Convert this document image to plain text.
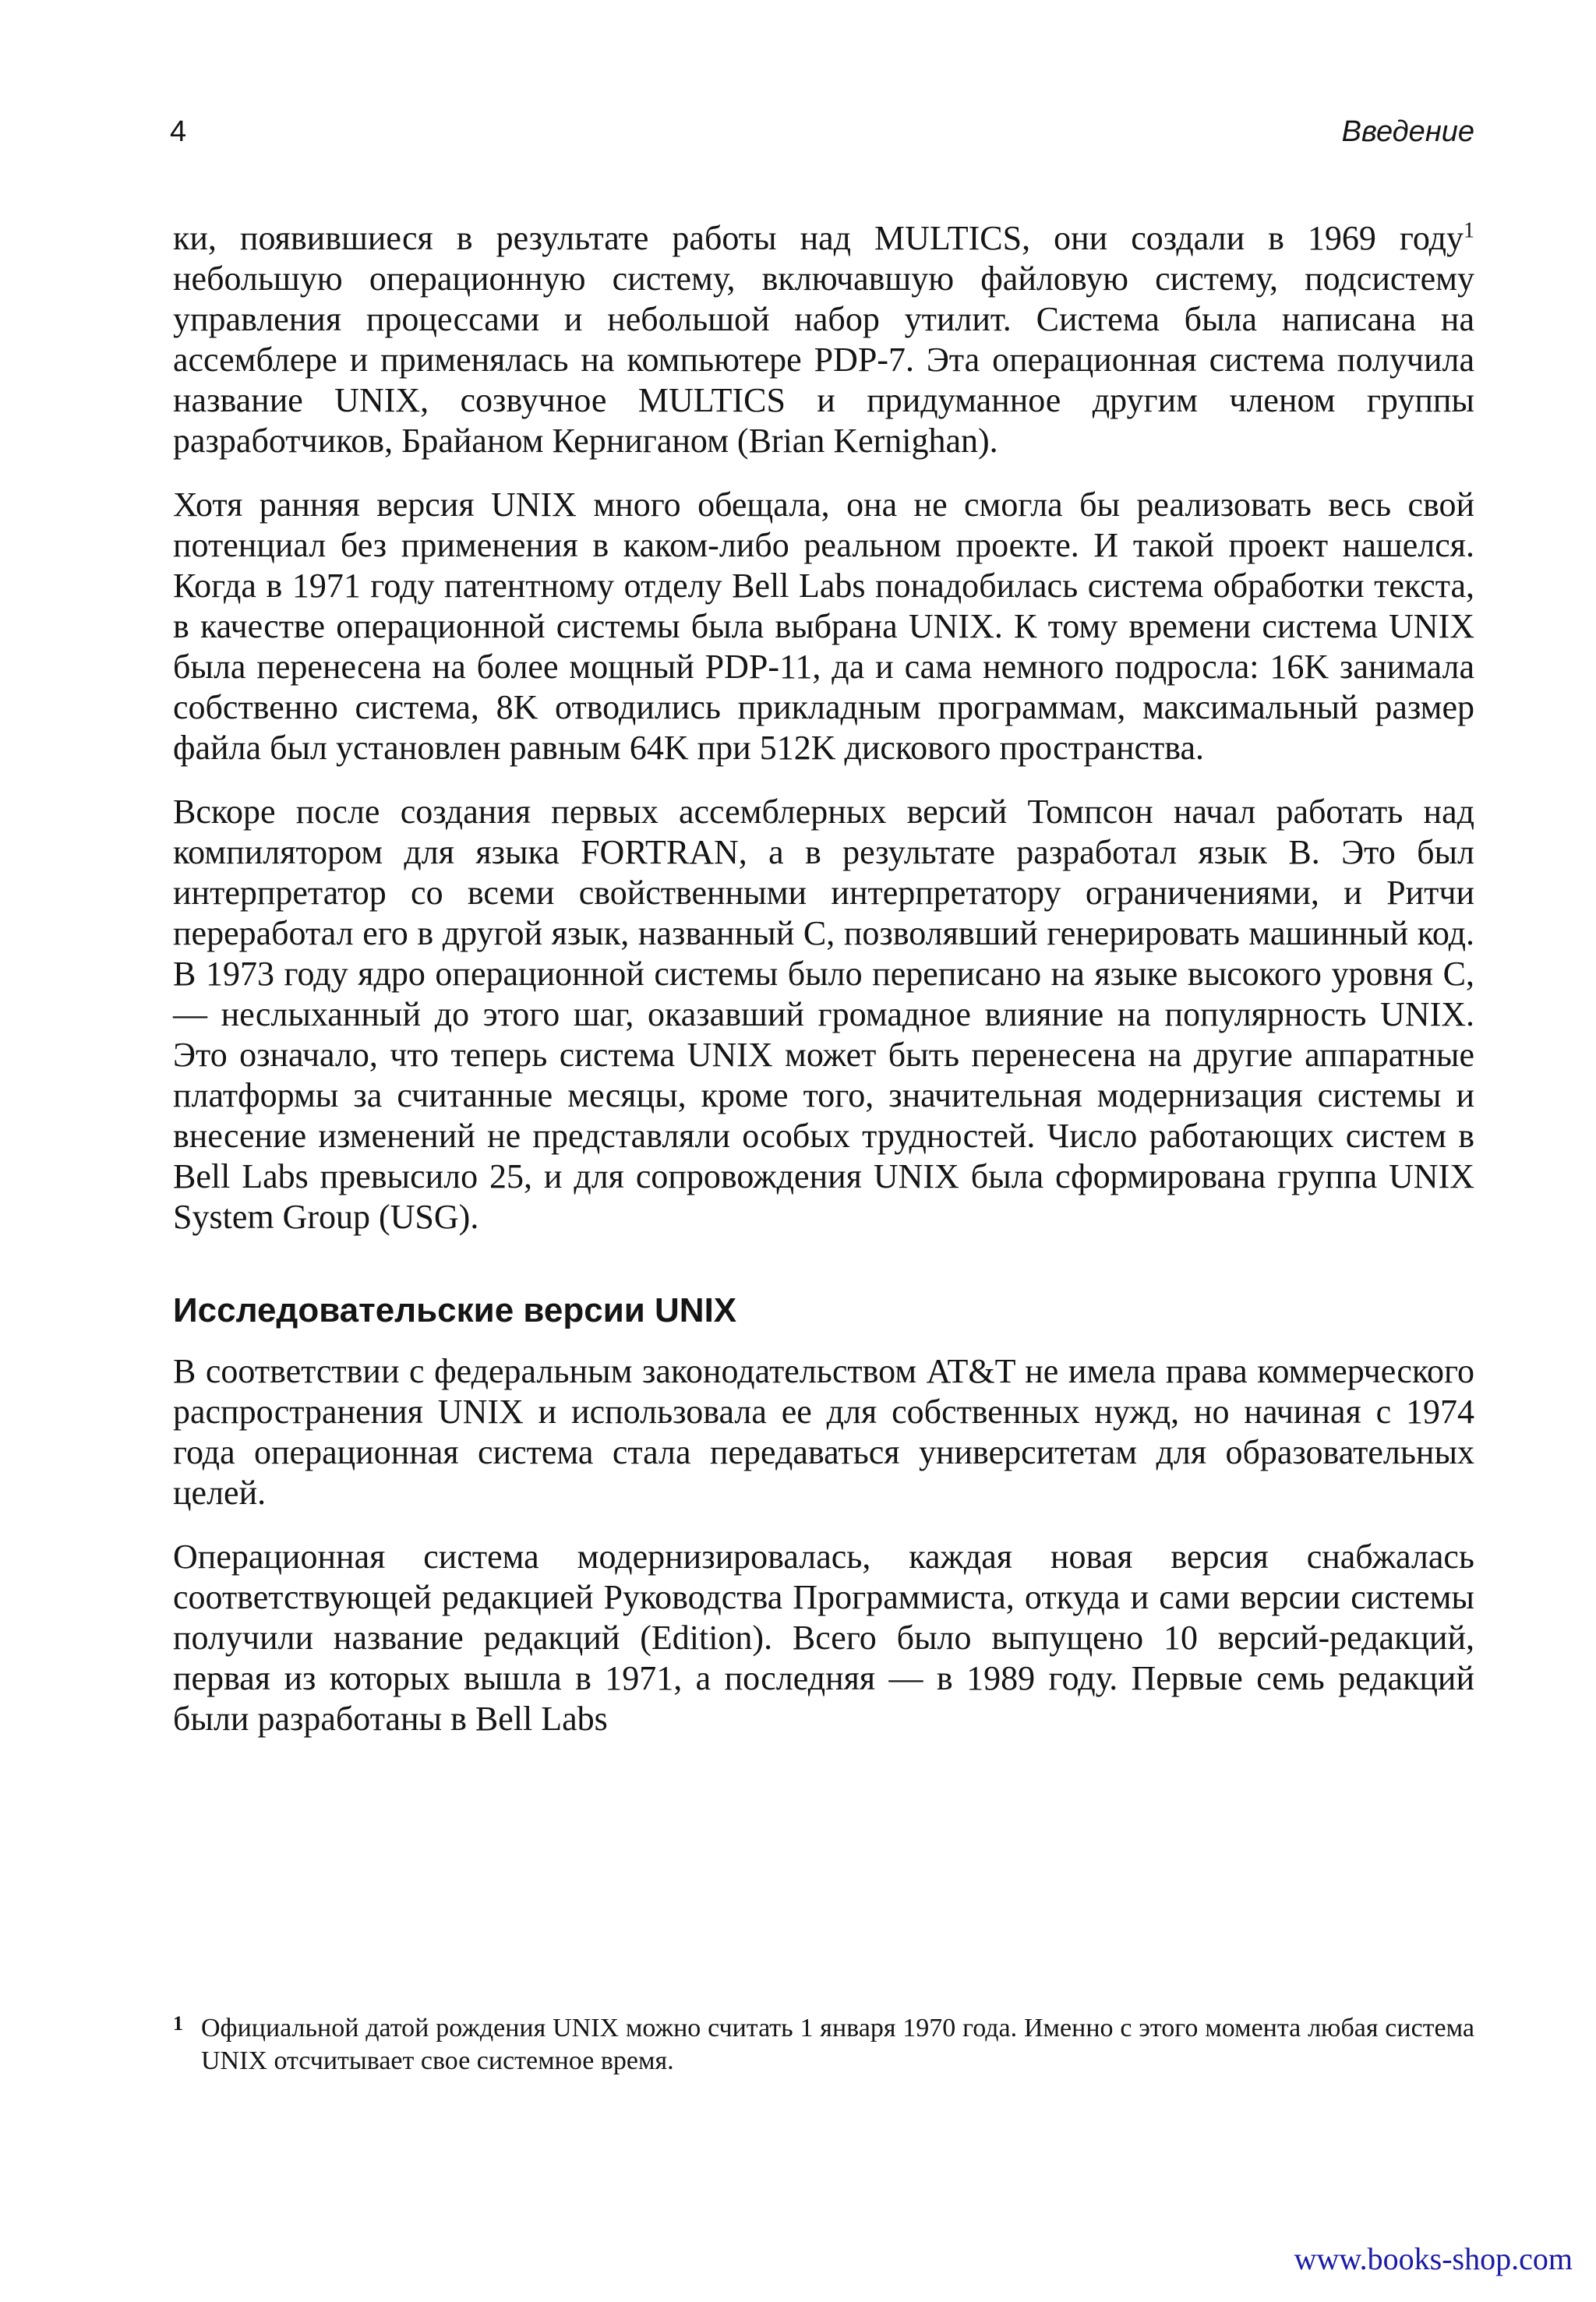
4	Введение

ки, появившиеся в результате работы над MULTICS, они создали в 1969 году$^1$ небольшую операционную систему, включавшую файловую систему, подсистему управления процессами и небольшой набор утилит. Система была написана на ассемблере и применялась на компьютере PDP-7. Эта операционная система получила название UNIX, созвучное MULTICS и придуманное другим членом группы разработчиков, Брайаном Керниганом (Brian Kernighan).

Хотя ранняя версия UNIX много обещала, она не смогла бы реализовать весь свой потенциал без применения в каком-либо реальном проекте. И такой проект нашелся. Когда в 1971 году патентному отделу Bell Labs понадобилась система обработки текста, в качестве операционной системы была выбрана UNIX. К тому времени система UNIX была перенесена на более мощный PDP-11, да и сама немного подросла: 16K занимала собственно система, 8K отводились прикладным программам, максимальный размер файла был установлен равным 64K при 512K дискового пространства.

Вскоре после создания первых ассемблерных версий Томпсон начал работать над компилятором для языка FORTRAN, а в результате разработал язык B. Это был интерпретатор со всеми свойственными интерпретатору ограничениями, и Ритчи переработал его в другой язык, названный C, позволявший генерировать машинный код. В 1973 году ядро операционной системы было переписано на языке высокого уровня C, — неслыханный до этого шаг, оказавший громадное влияние на популярность UNIX. Это означало, что теперь система UNIX может быть перенесена на другие аппаратные платформы за считанные месяцы, кроме того, значительная модернизация системы и внесение изменений не представляли особых трудностей. Число работающих систем в Bell Labs превысило 25, и для сопровождения UNIX была сформирована группа UNIX System Group (USG).

Исследовательские версии UNIX

В соответствии с федеральным законодательством AT&T не имела права коммерческого распространения UNIX и использовала ее для собственных нужд, но начиная с 1974 года операционная система стала передаваться университетам для образовательных целей.

Операционная система модернизировалась, каждая новая версия снабжалась соответствующей редакцией Руководства Программиста, откуда и сами версии системы получили название редакций (Edition). Всего было выпущено 10 версий-редакций, первая из которых вышла в 1971, а последняя — в 1989 году. Первые семь редакций были разработаны в Bell Labs

1 Официальной датой рождения UNIX можно считать 1 января 1970 года. Именно с этого момента любая система UNIX отсчитывает свое системное время.
www.books-shop.com
